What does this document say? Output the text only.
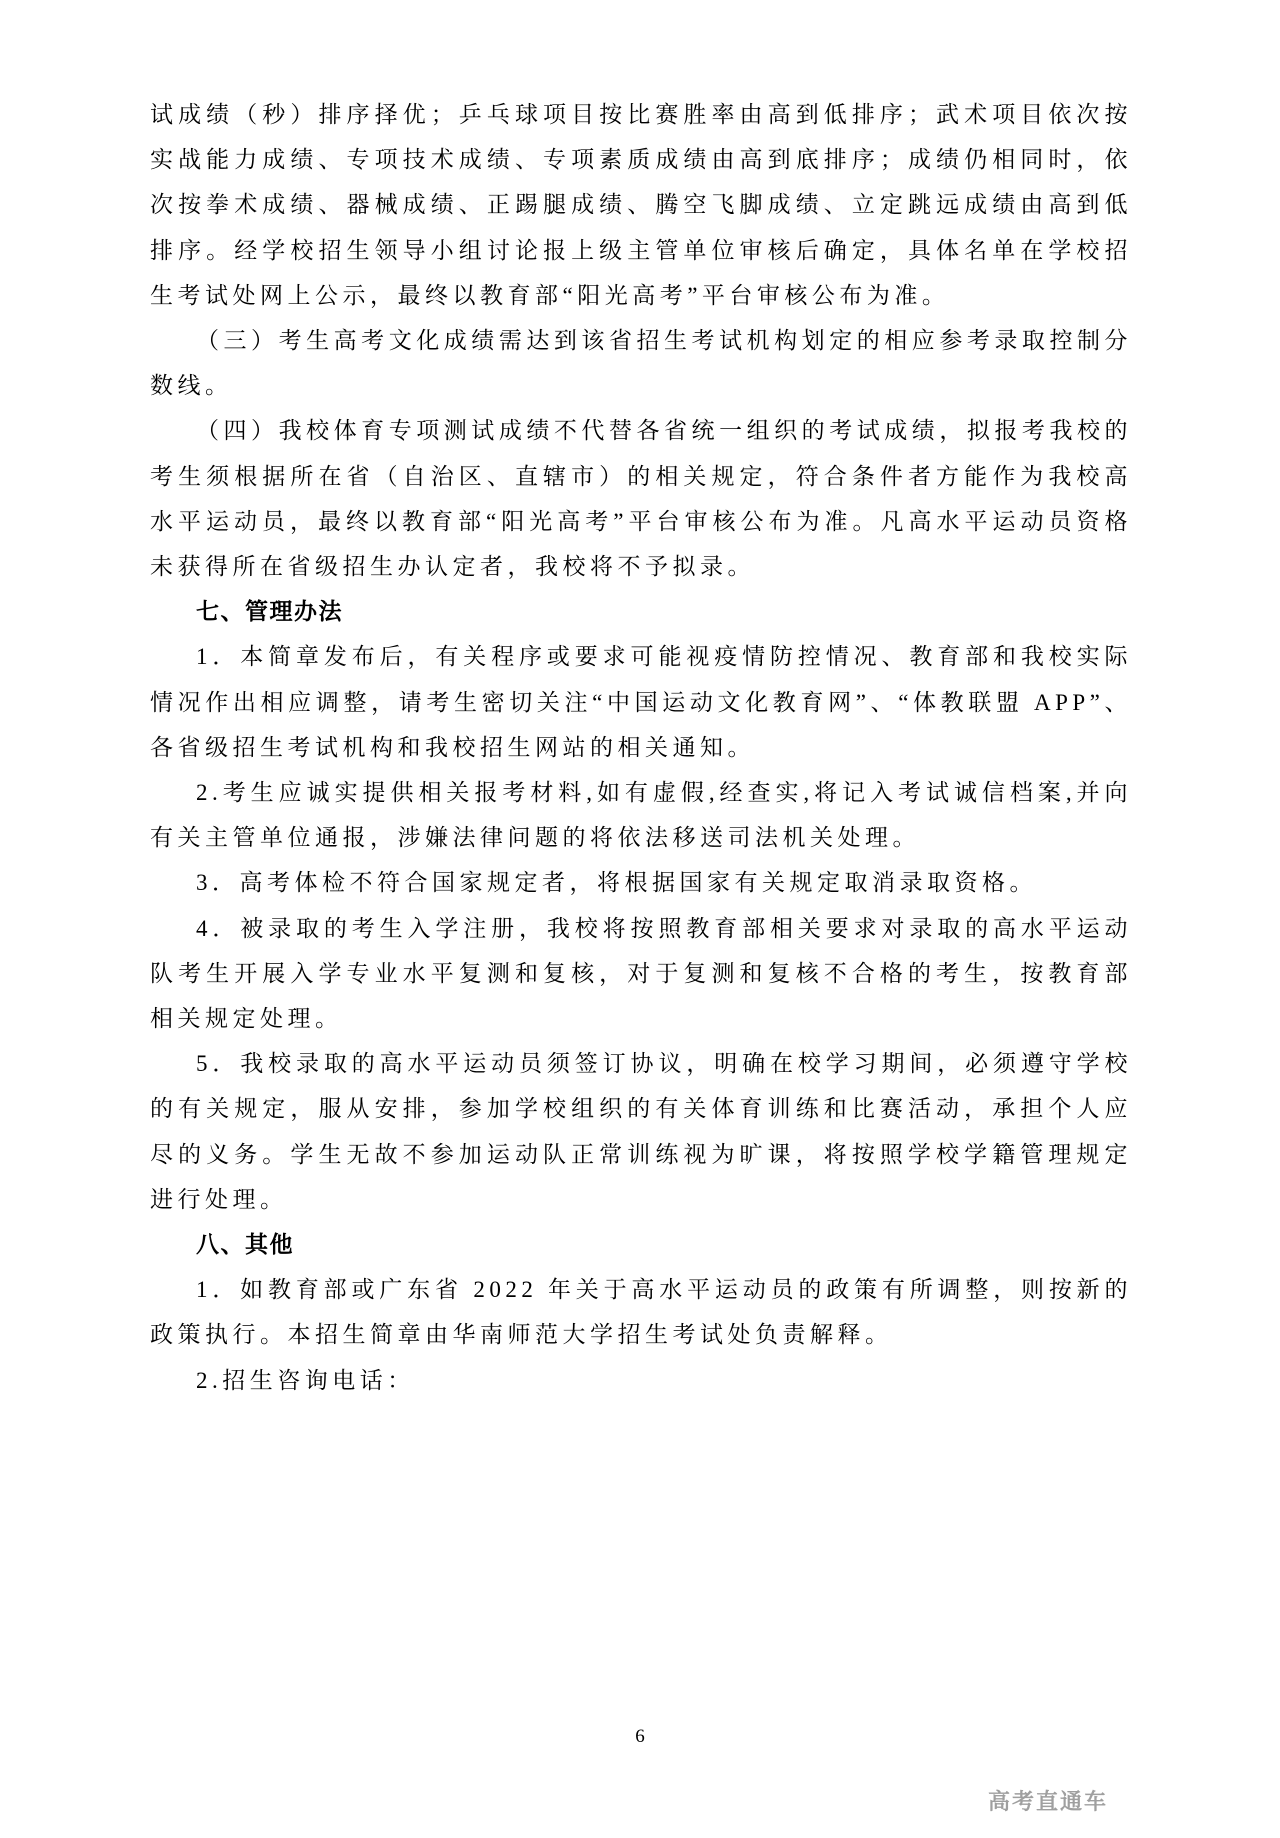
试成绩（秒）排序择优；乒乓球项目按比赛胜率由高到低排序；武术项目依次按实战能力成绩、专项技术成绩、专项素质成绩由高到底排序；成绩仍相同时，依次按拳术成绩、器械成绩、正踢腿成绩、腾空飞脚成绩、立定跳远成绩由高到低排序。经学校招生领导小组讨论报上级主管单位审核后确定，具体名单在学校招生考试处网上公示，最终以教育部“阳光高考”平台审核公布为准。

（三）考生高考文化成绩需达到该省招生考试机构划定的相应参考录取控制分数线。

（四）我校体育专项测试成绩不代替各省统一组织的考试成绩，拟报考我校的考生须根据所在省（自治区、直辖市）的相关规定，符合条件者方能作为我校高水平运动员，最终以教育部“阳光高考”平台审核公布为准。凡高水平运动员资格未获得所在省级招生办认定者，我校将不予拟录。

七、管理办法

1．本简章发布后，有关程序或要求可能视疫情防控情况、教育部和我校实际情况作出相应调整，请考生密切关注“中国运动文化教育网”、“体教联盟 APP”、各省级招生考试机构和我校招生网站的相关通知。

2.考生应诚实提供相关报考材料,如有虚假,经查实,将记入考试诚信档案,并向有关主管单位通报，涉嫌法律问题的将依法移送司法机关处理。

3．高考体检不符合国家规定者，将根据国家有关规定取消录取资格。

4．被录取的考生入学注册，我校将按照教育部相关要求对录取的高水平运动队考生开展入学专业水平复测和复核，对于复测和复核不合格的考生，按教育部相关规定处理。

5．我校录取的高水平运动员须签订协议，明确在校学习期间，必须遵守学校的有关规定，服从安排，参加学校组织的有关体育训练和比赛活动，承担个人应尽的义务。学生无故不参加运动队正常训练视为旷课，将按照学校学籍管理规定进行处理。

八、其他

1．如教育部或广东省 2022 年关于高水平运动员的政策有所调整，则按新的政策执行。本招生简章由华南师范大学招生考试处负责解释。

2.招生咨询电话：

6
高考直通车
